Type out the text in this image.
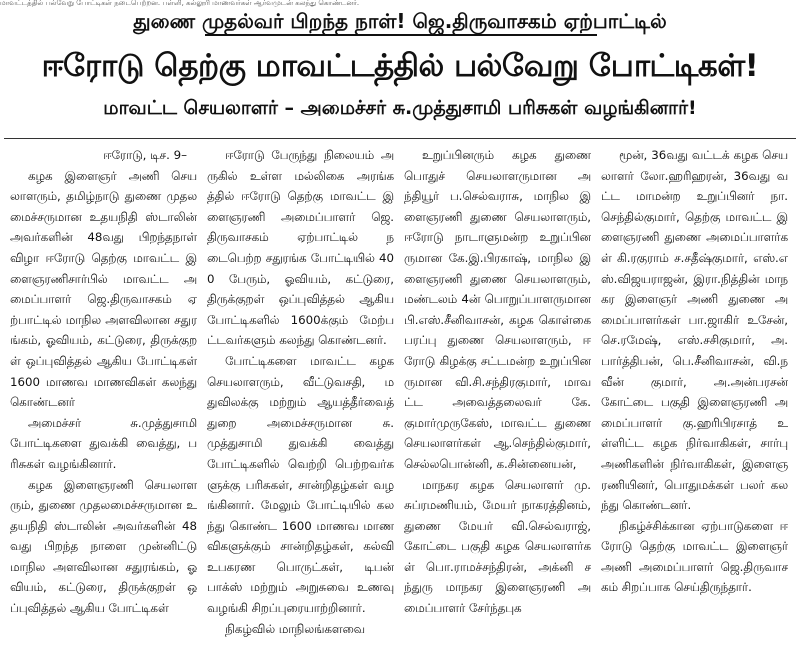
மாவட்டத்தில் பல்வேறு போட்டிகள் நடைபெற்றன. பள்ளி, கல்லூரி மாணவர்கள் ஆர்வமுடன் கலந்து கொண்டனர்.
துணை முதல்வர் பிறந்த நாள்! ஜெ.திருவாசகம் ஏற்பாட்டில்
ஈரோடு தெற்கு மாவட்டத்தில் பல்வேறு போட்டிகள்!
மாவட்ட செயலாளர் – அமைச்சர் சு.முத்துசாமி பரிசுகள் வழங்கினார்!
ஈரோடு, டிச. 9–

கழக இளைஞர் அணி செயலாளரும், தமிழ்நாடு துணை முதலமைச்சருமான உதயநிதி ஸ்டாலின் அவர்களின் 48வது பிறந்தநாள் விழா ஈரோடு தெற்கு மாவட்ட இளைஞரணிசார்பில் மாவட்ட அமைப்பாளர் ஜெ.திருவாசகம் ஏற்பாட்டில் மாநில அளவிலான சதுரங்கம், ஓவியம், கட்டுரை, திருக்குறள் ஒப்புவித்தல் ஆகிய போட்டிகள் 1600 மாணவ மாணவிகள் கலந்து கொண்டனர்

அமைச்சர் சு.முத்துசாமி போட்டிகளை துவக்கி வைத்து, பரிசுகள் வழங்கினார்.

கழக இளைஞரணி செயலாளரும், துணை முதலமைச்சருமான உதயநிதி ஸ்டாலின் அவர்களின் 48வது பிறந்த நாளை முன்னிட்டு மாநில அளவிலான சதுரங்கம், ஓவியம், கட்டுரை, திருக்குறள் ஒப்புவித்தல் ஆகிய போட்டிகள்

ஈரோடு பேருந்து நிலையம் அருகில் உள்ள மல்லிகை அரங்கத்தில் ஈரோடு தெற்கு மாவட்ட இளைஞரணி அமைப்பாளர் ஜெ.திருவாசகம் ஏற்பாட்டில் நடைபெற்ற சதுரங்க போட்டியில் 400 பேரும், ஓவியம், கட்டுரை, திருக்குறள் ஒப்புவித்தல் ஆகிய போட்டிகளில் 1600க்கும் மேற்பட்டவர்களும் கலந்து கொண்டனர்.

போட்டிகளை மாவட்ட கழக செயலாளரும், வீட்டுவசதி, மதுவிலக்கு மற்றும் ஆயத்தீர்வைத் துறை அமைச்சருமான சு.முத்துசாமி துவக்கி வைத்து போட்டிகளில் வெற்றி பெற்றவர்களுக்கு பரிசுகள், சான்றிதழ்கள் வழங்கினார். மேலும் போட்டியில் கலந்து கொண்ட 1600 மாணவ மாணவிகளுக்கும் சான்றிதழ்கள், கல்வி உபகரண பொருட்கள், டிபன் பாக்ஸ் மற்றும் அறுசுவை உணவு வழங்கி சிறப்புரையாற்றினார்.

நிகழ்வில் மாநிலங்களவை

உறுப்பினரும் கழக துணை பொதுச் செயலாளருமான அந்தியூர் ப.செல்வராசு, மாநில இளைஞரணி துணை செயலாளரும், ஈரோடு நாடாளுமன்ற உறுப்பினருமான கே.இ.பிரகாஷ், மாநில இளைஞரணி துணை செயலாளரும், மண்டலம் 4ன் பொறுப்பாளருமான பி.எஸ்.சீனிவாசன், கழக கொள்கை பரப்பு துணை செயலாளரும், ஈரோடு கிழக்கு சட்டமன்ற உறுப்பினருமான வி.சி.சந்திரகுமார், மாவட்ட அவைத்தலைவர் கே.குமார்முருகேஸ், மாவட்ட துணை செயலாளர்கள் ஆ.செந்தில்குமார், செல்லபொன்னி, க.சின்னையன்,

மாநகர கழக செயலாளர் மு.சுப்ரமணியம், மேயர் நாகரத்தினம், துணை மேயர் வி.செல்வராஜ், கோட்டை பகுதி கழக செயலாளர்கள் பொ.ராமச்சந்திரன், அக்னி சந்துரு மாநகர இளைஞரணி அமைப்பாளர் சேர்ந்தபுக

மூன், 36வது வட்டக் கழக செயலாளர் லோ.ஹரிஹரன், 36வது வட்ட மாமன்ற உறுப்பினர் நா.செந்தில்குமார், தெற்கு மாவட்ட இளைஞரணி துணை அமைப்பாளர்கள் கி.ரகுராம் ச.சதீஷ்குமார், எஸ்.எஸ்.விஜயராஜன், இரா.நித்தின் மாநகர இளைஞர் அணி துணை அமைப்பாளர்கள் பா.ஜாகிர் உசேன், செ.ரமேஷ், எஸ்.சசிகுமார், அ.பார்த்திபன், பெ.சீனிவாசன், வி.நவீன் குமார், அ.அன்பரசன் கோட்டை பகுதி இளைஞரணி அமைப்பாளர் கு.ஹரிபிரசாத் உள்ளிட்ட கழக நிர்வாகிகள், சார்பு அணிகளின் நிர்வாகிகள், இளைஞரணியினர், பொதுமக்கள் பலர் கலந்து கொண்டனர்.

நிகழ்ச்சிக்கான ஏற்பாடுகளை ஈரோடு தெற்கு மாவட்ட இளைஞர் அணி அமைப்பாளர் ஜெ.திருவாசகம் சிறப்பாக செய்திருந்தார்.
